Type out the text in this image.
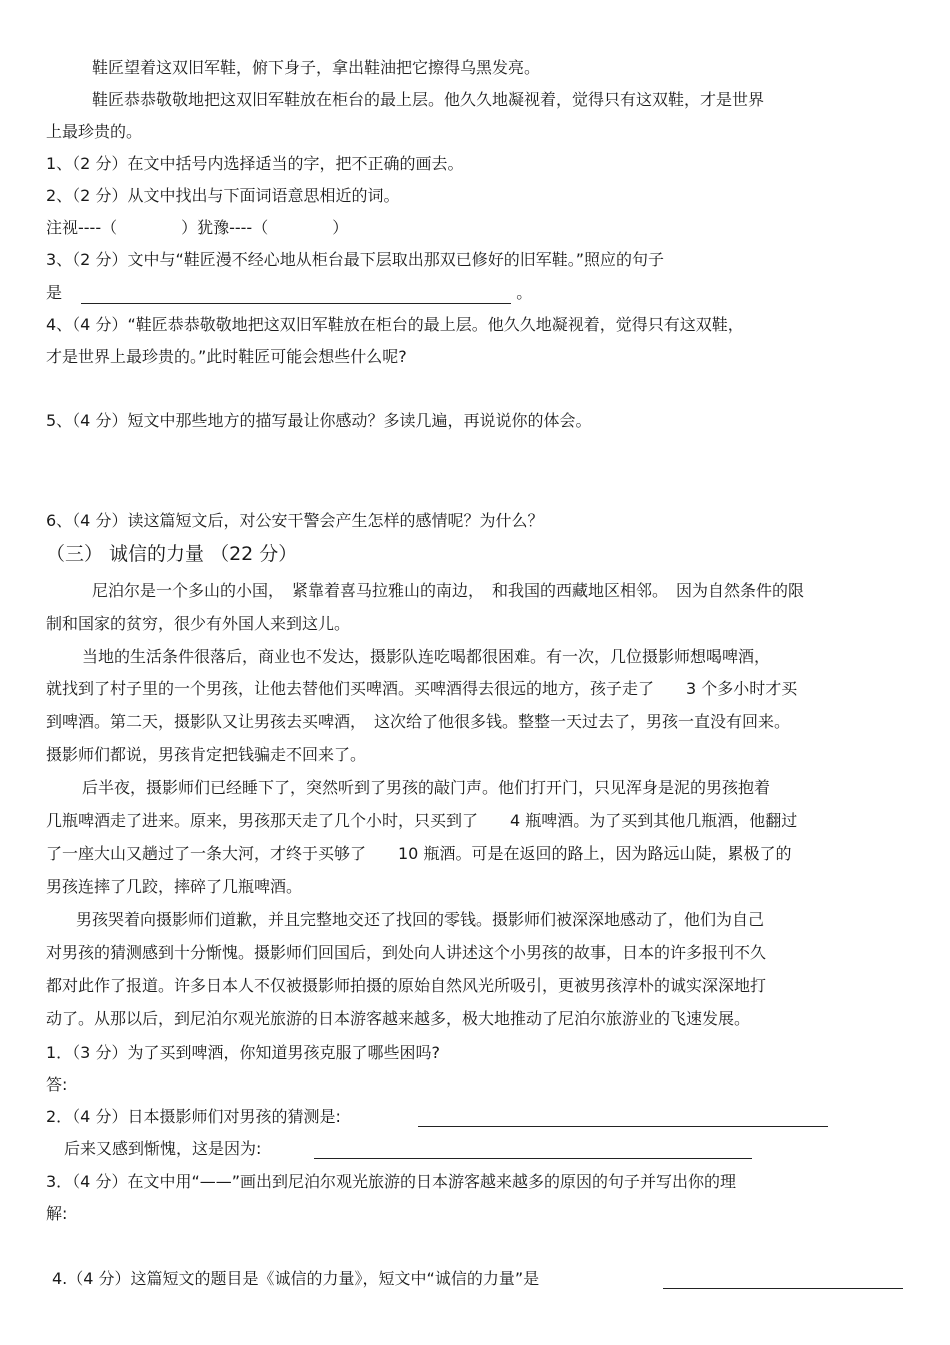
鞋匠望着这双旧军鞋，俯下身子，拿出鞋油把它擦得乌黑发亮。
鞋匠恭恭敬敬地把这双旧军鞋放在柜台的最上层。他久久地凝视着，觉得只有这双鞋，才是世界
上最珍贵的。
1、（2 分）在文中括号内选择适当的字，把不正确的画去。
2、（2 分）从文中找出与下面词语意思相近的词。
注视----（　　　　）犹豫----（　　　　）
3、（2 分）文中与“鞋匠漫不经心地从柜台最下层取出那双已修好的旧军鞋。”照应的句子
是	。
4、（4 分）“鞋匠恭恭敬敬地把这双旧军鞋放在柜台的最上层。他久久地凝视着，觉得只有这双鞋，
才是世界上最珍贵的。”此时鞋匠可能会想些什么呢?
5、（4 分）短文中那些地方的描写最让你感动？多读几遍，再说说你的体会。
6、（4 分）读这篇短文后，对公安干警会产生怎样的感情呢？为什么？
（三） 诚信的力量 （22 分）
尼泊尔是一个多山的小国，　紧靠着喜马拉雅山的南边，　和我国的西藏地区相邻。　因为自然条件的限
制和国家的贫穷，很少有外国人来到这儿。
当地的生活条件很落后，商业也不发达，摄影队连吃喝都很困难。有一次，几位摄影师想喝啤酒，
就找到了村子里的一个男孩，让他去替他们买啤酒。买啤酒得去很远的地方，孩子走了　　3 个多小时才买
到啤酒。第二天，摄影队又让男孩去买啤酒，　这次给了他很多钱。整整一天过去了，男孩一直没有回来。
摄影师们都说，男孩肯定把钱骗走不回来了。
后半夜，摄影师们已经睡下了，突然听到了男孩的敲门声。他们打开门，只见浑身是泥的男孩抱着
几瓶啤酒走了进来。原来，男孩那天走了几个小时，只买到了　　4 瓶啤酒。为了买到其他几瓶酒，他翻过
了一座大山又趟过了一条大河，才终于买够了　　10 瓶酒。可是在返回的路上，因为路远山陡，累极了的
男孩连摔了几跤，摔碎了几瓶啤酒。
男孩哭着向摄影师们道歉，并且完整地交还了找回的零钱。摄影师们被深深地感动了，他们为自己
对男孩的猜测感到十分惭愧。摄影师们回国后，到处向人讲述这个小男孩的故事，日本的许多报刊不久
都对此作了报道。许多日本人不仅被摄影师拍摄的原始自然风光所吸引，更被男孩淳朴的诚实深深地打
动了。从那以后，到尼泊尔观光旅游的日本游客越来越多，极大地推动了尼泊尔旅游业的飞速发展。
1．（3 分）为了买到啤酒，你知道男孩克服了哪些困吗?
答:
2．（4 分）日本摄影师们对男孩的猜测是:
后来又感到惭愧，这是因为:
3．（4 分）在文中用“——”画出到尼泊尔观光旅游的日本游客越来越多的原因的句子并写出你的理
解:
4.（4 分）这篇短文的题目是《诚信的力量》，短文中“诚信的力量”是
